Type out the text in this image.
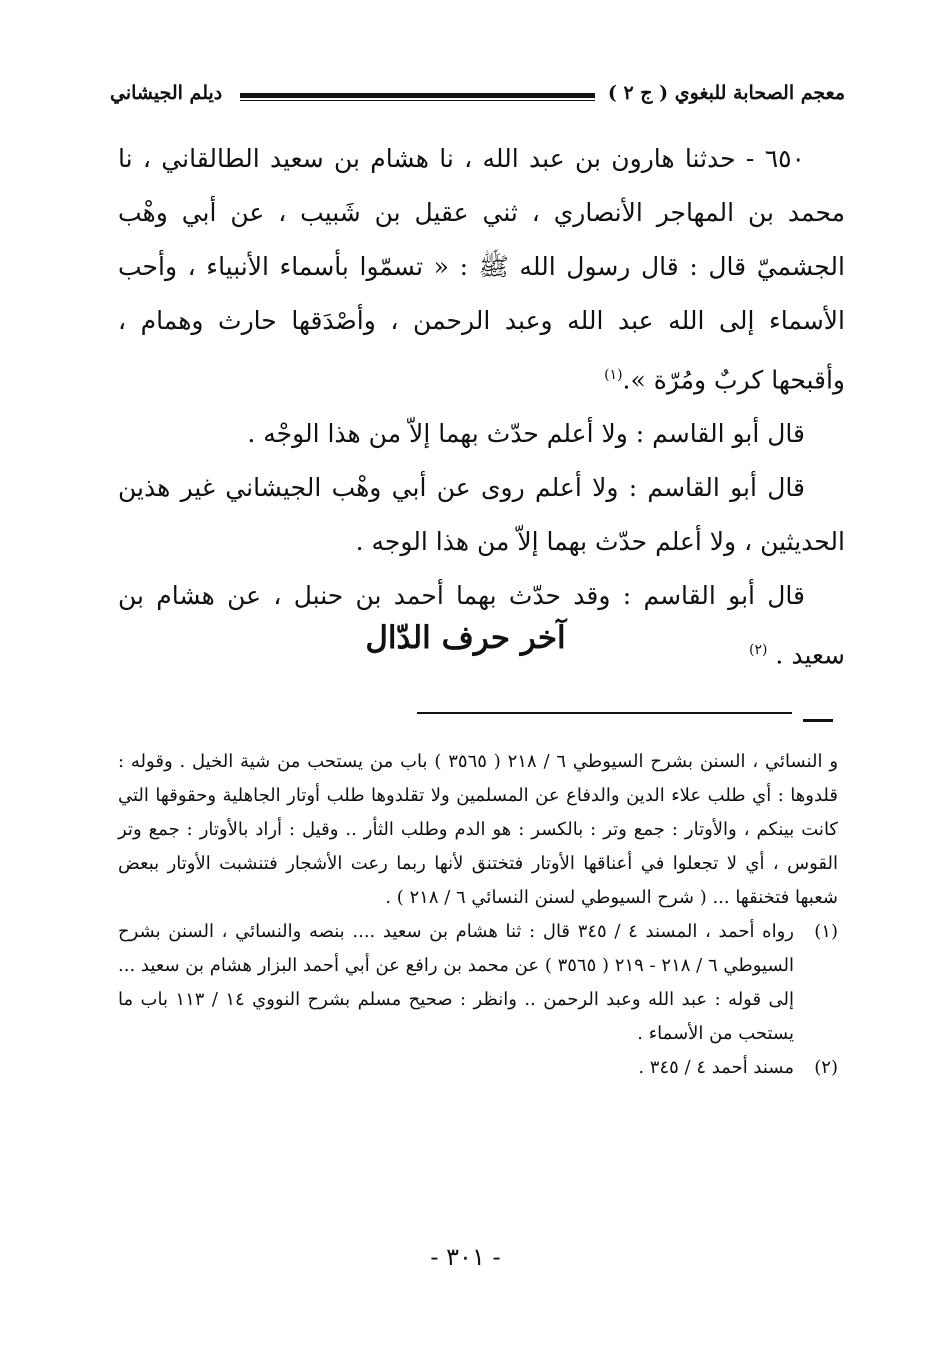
معجم الصحابة للبغوي ( ج ٢ )
ديلم الجيشاني

٦٥٠ - حدثنا هارون بن عبد الله ، نا هشام بن سعيد الطالقاني ، نا محمد بن المهاجر الأنصاري ، ثني عقيل بن شَبيب ، عن أبي وهْب الجشميّ قال : قال رسول الله ﷺ : « تسمّوا بأسماء الأنبياء ، وأحب الأسماء إلى الله عبد الله وعبد الرحمن ، وأصْدَقها حارث وهمام ، وأقبحها كربٌ ومُرّة ».$^{(١)}$

قال أبو القاسم : ولا أعلم حدّث بهما إلاّ من هذا الوجْه .

قال أبو القاسم : ولا أعلم روى عن أبي وهْب الجيشاني غير هذين الحديثين ، ولا أعلم حدّث بهما إلاّ من هذا الوجه .

قال أبو القاسم : وقد حدّث بهما أحمد بن حنبل ، عن هشام بن سعيد . $^{(٢)}$

آخر حرف الدّال

و النسائي ، السنن بشرح السيوطي ٦ / ٢١٨ ( ٣٥٦٥ ) باب من يستحب من شية الخيل . وقوله : قلدوها : أي طلب علاء الدين والدفاع عن المسلمين ولا تقلدوها طلب أوتار الجاهلية وحقوقها التي كانت بينكم ، والأوتار : جمع وتر : بالكسر : هو الدم وطلب الثأر .. وقيل : أراد بالأوتار : جمع وتر القوس ، أي لا تجعلوا في أعناقها الأوتار فتختنق لأنها ربما رعت الأشجار فتنشبت الأوتار ببعض شعبها فتخنقها ... ( شرح السيوطي لسنن النسائي ٦ / ٢١٨ ) .

(١)
رواه أحمد ، المسند ٤ / ٣٤٥ قال : ثنا هشام بن سعيد .... بنصه والنسائي ، السنن بشرح السيوطي ٦ / ٢١٨ - ٢١٩ ( ٣٥٦٥ ) عن محمد بن رافع عن أبي أحمد البزار هشام بن سعيد ... إلى قوله : عبد الله وعبد الرحمن .. وانظر : صحيح مسلم بشرح النووي ١٤ / ١١٣ باب ما يستحب من الأسماء .
(٢)
مسند أحمد ٤ / ٣٤٥ .
- ٣٠١ -
